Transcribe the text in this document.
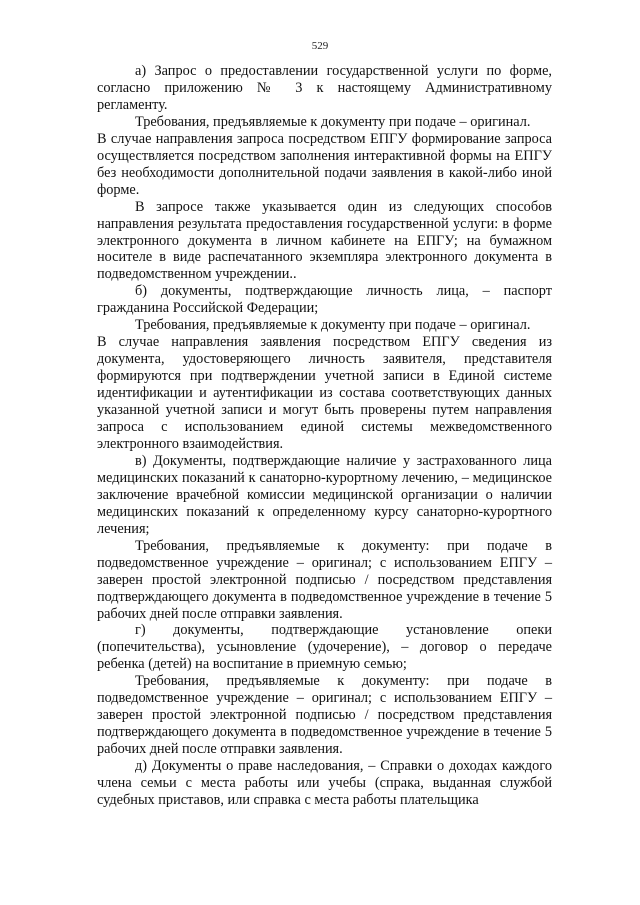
529

а) Запрос о предоставлении государственной услуги по форме, согласно приложению № 3 к настоящему Административному регламенту.

Требования, предъявляемые к документу при подаче – оригинал.

В случае направления запроса посредством ЕПГУ формирование запроса осуществляется посредством заполнения интерактивной формы на ЕПГУ без необходимости дополнительной подачи заявления в какой-либо иной форме.

В запросе также указывается один из следующих способов направления результата предоставления государственной услуги: в форме электронного документа в личном кабинете на ЕПГУ; на бумажном носителе в виде распечатанного экземпляра электронного документа в подведомственном учреждении..

б) документы, подтверждающие личность лица, – паспорт гражданина Российской Федерации;

Требования, предъявляемые к документу при подаче – оригинал.

В случае направления заявления посредством ЕПГУ сведения из документа, удостоверяющего личность заявителя, представителя формируются при подтверждении учетной записи в Единой системе идентификации и аутентификации из состава соответствующих данных указанной учетной записи и могут быть проверены путем направления запроса с использованием единой системы межведомственного электронного взаимодействия.

в) Документы, подтверждающие наличие у застрахованного лица медицинских показаний к санаторно-курортному лечению, – медицинское заключение врачебной комиссии медицинской организации о наличии медицинских показаний к определенному курсу санаторно-курортного лечения;

Требования, предъявляемые к документу: при подаче в подведомственное учреждение – оригинал; с использованием ЕПГУ – заверен простой электронной подписью / посредством представления подтверждающего документа в подведомственное учреждение в течение 5 рабочих дней после отправки заявления.

г) документы, подтверждающие установление опеки (попечительства), усыновление (удочерение), – договор о передаче ребенка (детей) на воспитание в приемную семью;

Требования, предъявляемые к документу: при подаче в подведомственное учреждение – оригинал; с использованием ЕПГУ – заверен простой электронной подписью / посредством представления подтверждающего документа в подведомственное учреждение в течение 5 рабочих дней после отправки заявления.

д) Документы о праве наследования, – Справки о доходах каждого члена семьи с места работы или учебы (спрака, выданная службой судебных приставов, или справка с места работы плательщика
